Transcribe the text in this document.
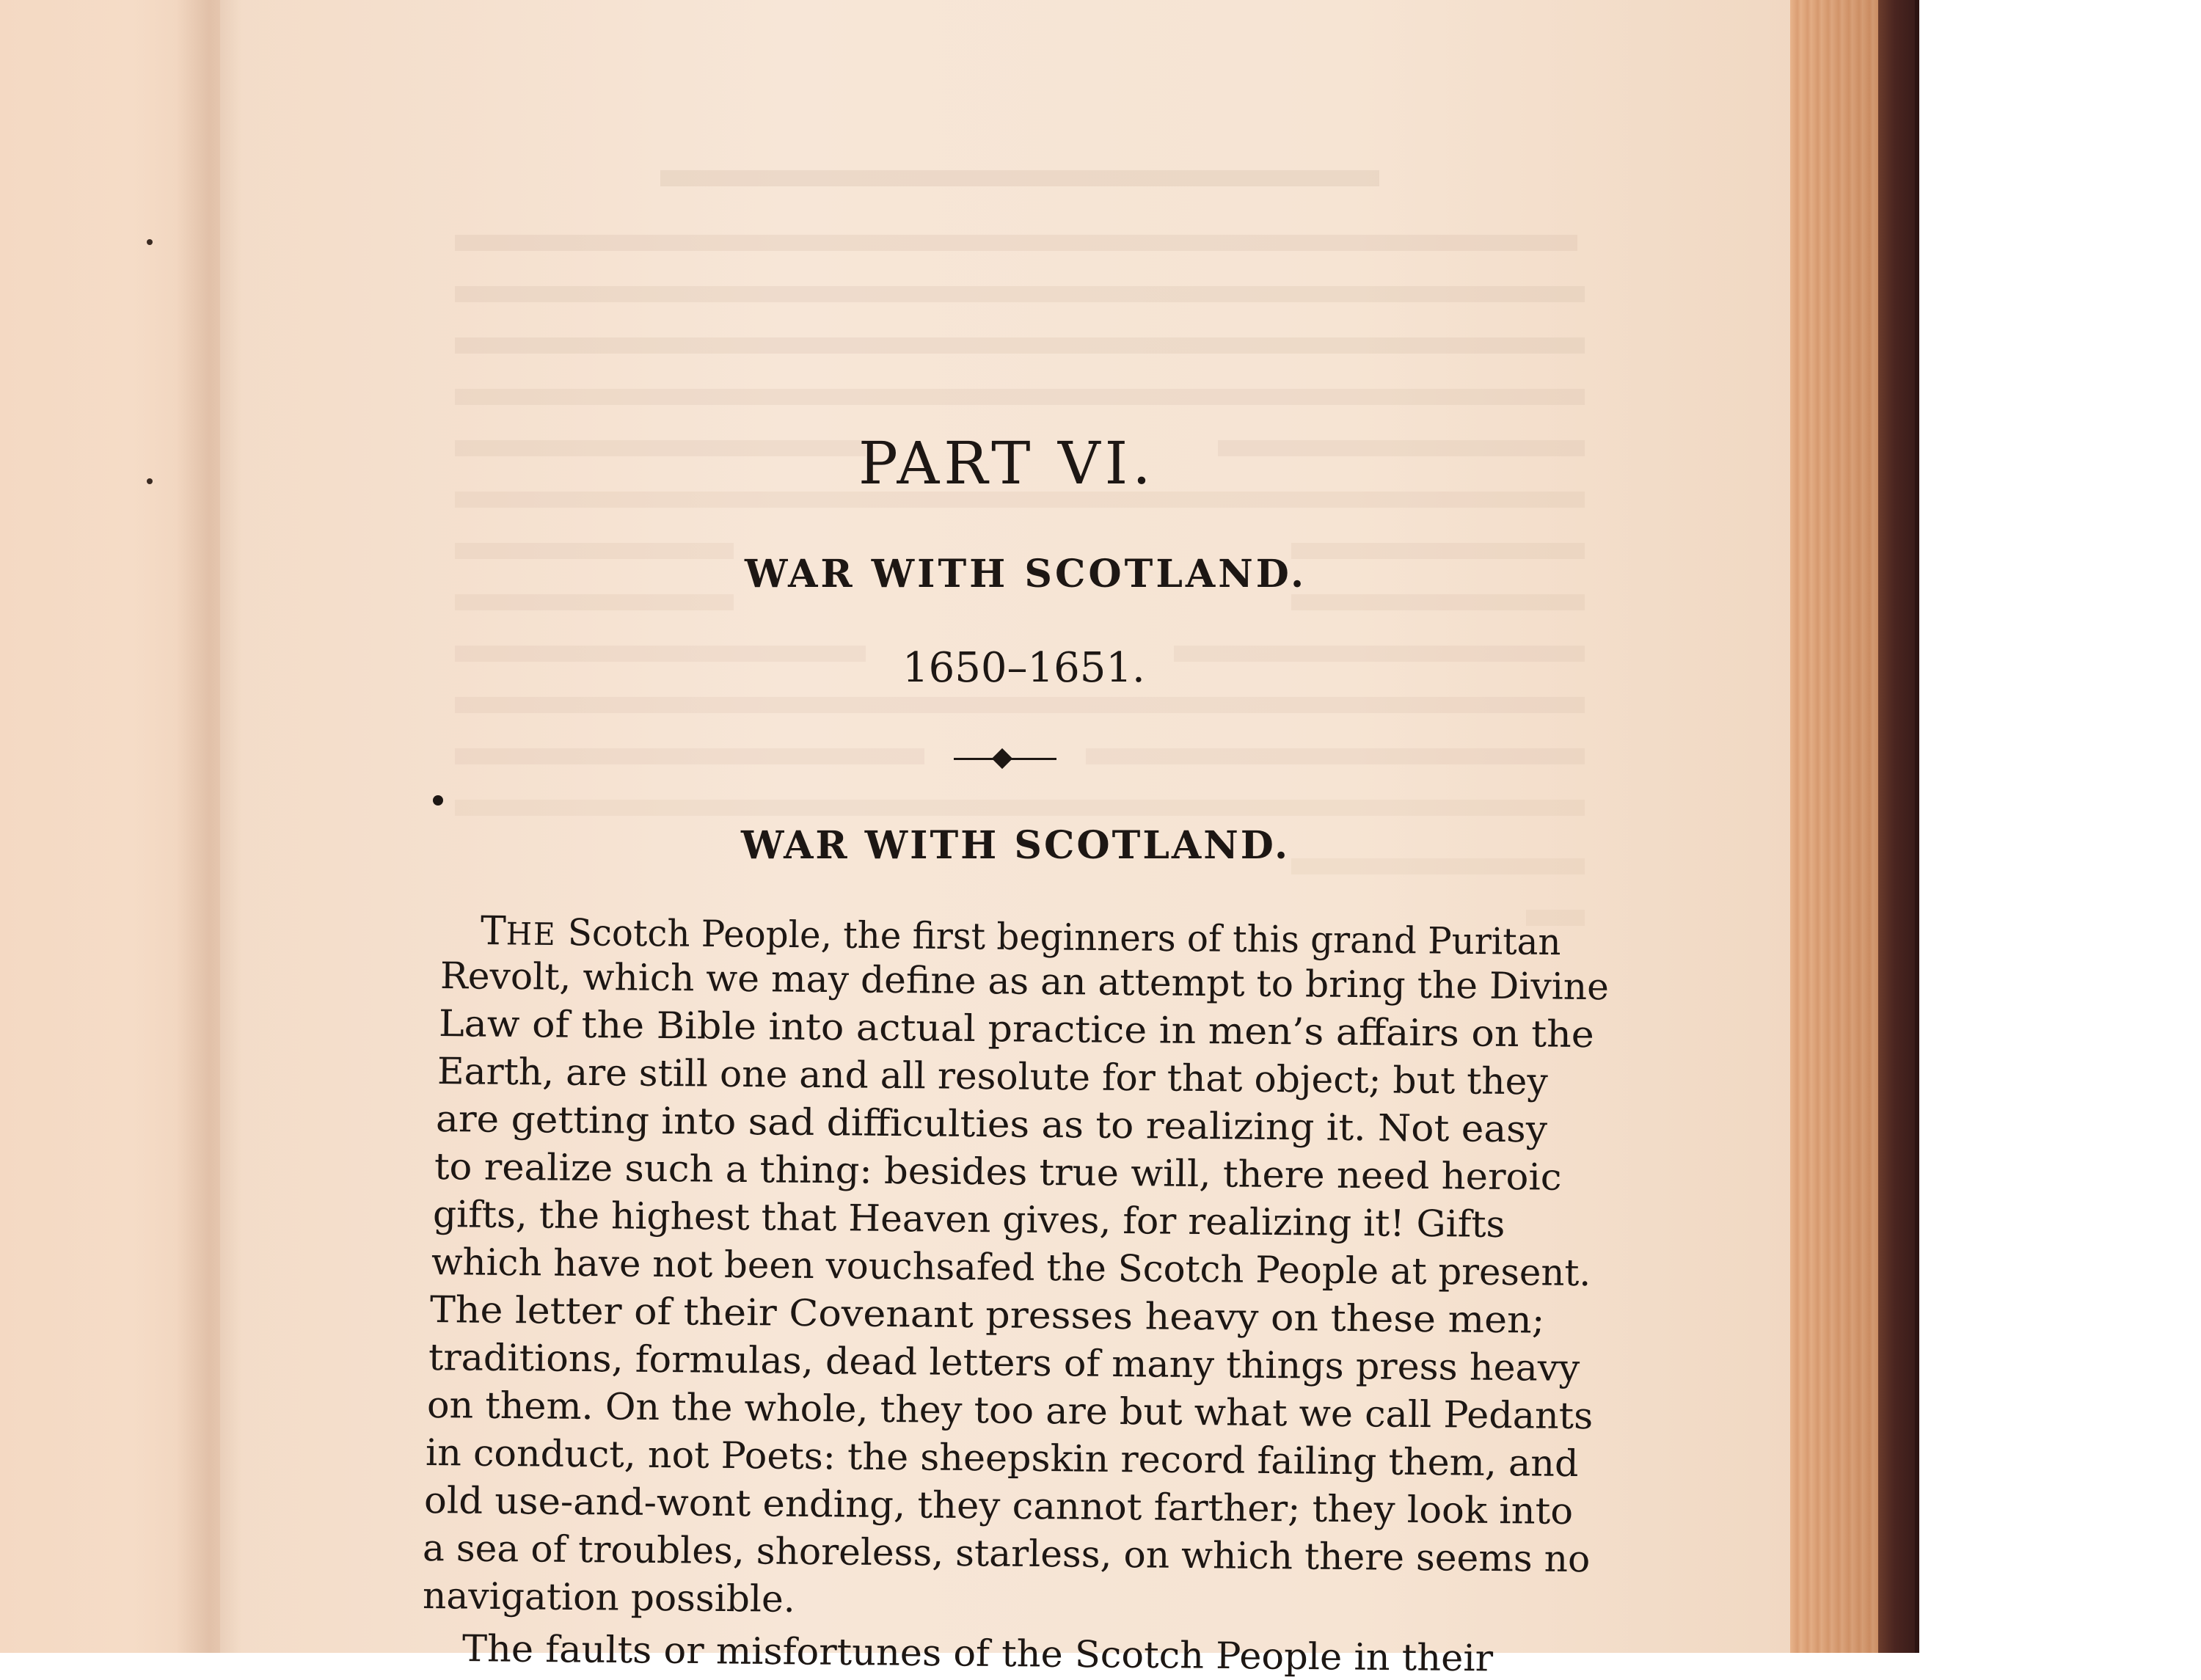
PART VI.
WAR WITH SCOTLAND.
1650–1651.
WAR WITH SCOTLAND.
THE Scotch People, the first beginners of this grand Puritan
Revolt, which we may define as an attempt to bring the Divine
Law of the Bible into actual practice in men’s affairs on the
Earth, are still one and all resolute for that object; but they
are getting into sad difficulties as to realizing it. Not easy
to realize such a thing: besides true will, there need heroic
gifts, the highest that Heaven gives, for realizing it! Gifts
which have not been vouchsafed the Scotch People at present.
The letter of their Covenant presses heavy on these men;
traditions, formulas, dead letters of many things press heavy
on them. On the whole, they too are but what we call Pedants
in conduct, not Poets: the sheepskin record failing them, and
old use-and-wont ending, they cannot farther; they look into
a sea of troubles, shoreless, starless, on which there seems no
navigation possible.
The faults or misfortunes of the Scotch People in their
